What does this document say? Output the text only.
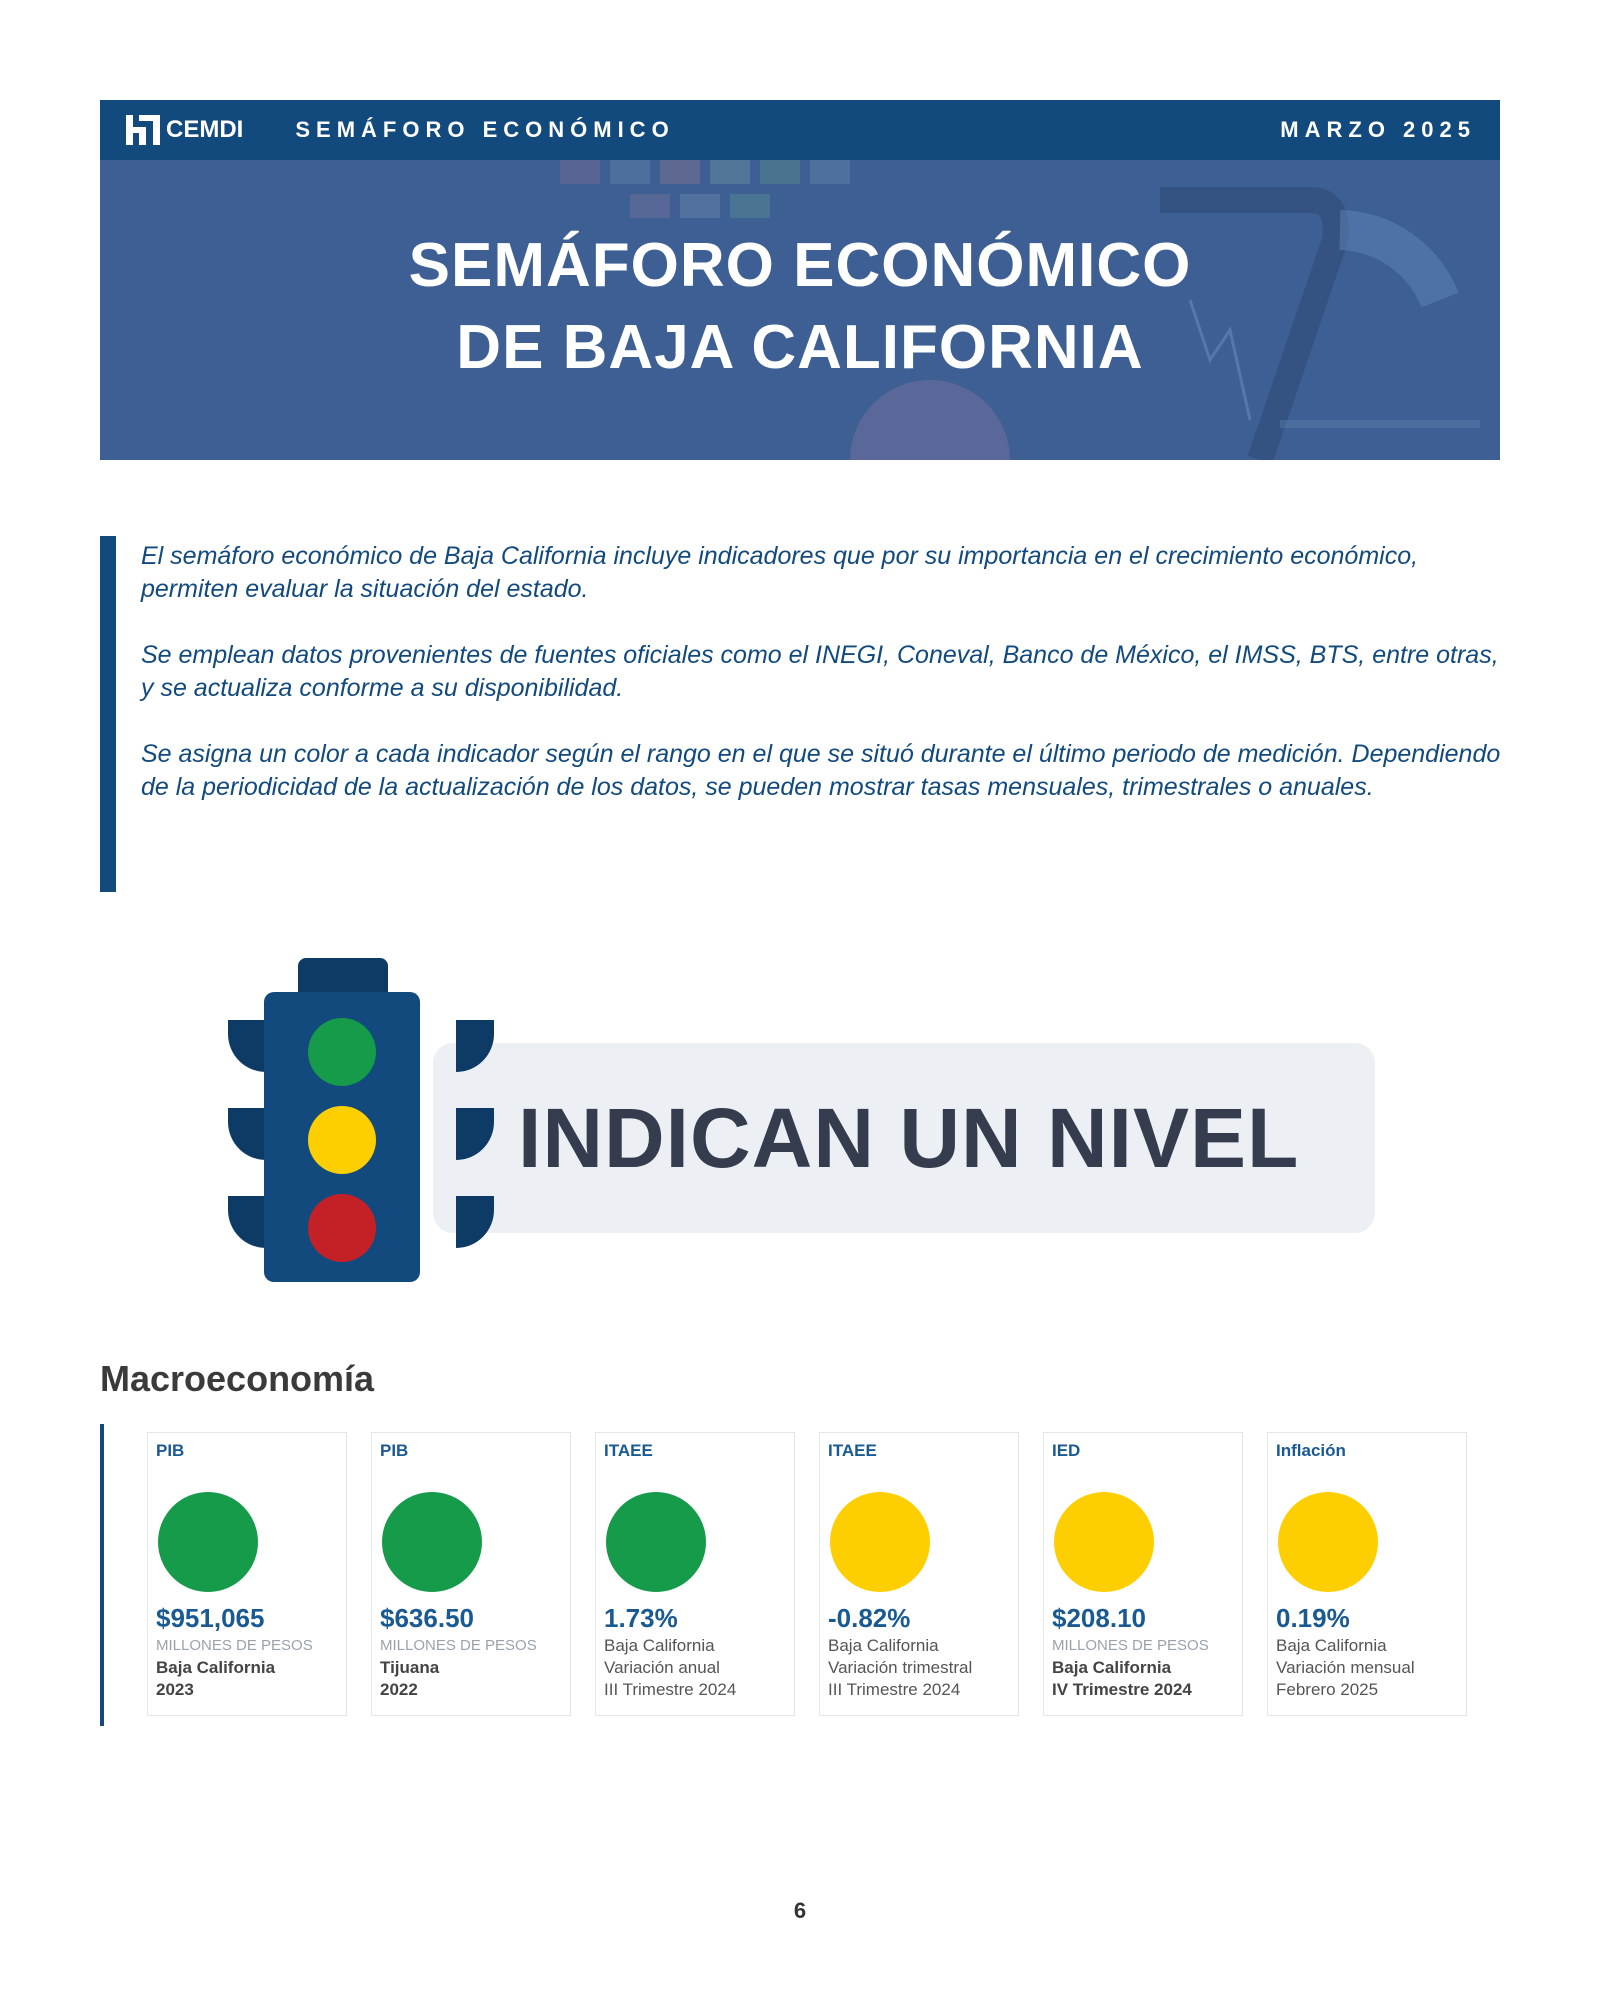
CEMDI SEMÁFORO ECONÓMICO	MARZO 2025
SEMÁFORO ECONÓMICO
DE BAJA CALIFORNIA

El semáforo económico de Baja California incluye indicadores que por su importancia en el crecimiento económico, permiten evaluar la situación del estado.

Se emplean datos provenientes de fuentes oficiales como el INEGI, Coneval, Banco de México, el IMSS, BTS, entre otras, y se actualiza conforme a su disponibilidad.

Se asigna un color a cada indicador según el rango en el que se situó durante el último periodo de medición. Dependiendo de la periodicidad de la actualización de los datos, se pueden mostrar tasas mensuales, trimestrales o anuales.

INDICAN UN NIVEL
Macroeconomía
PIB
$951,065
MILLONES DE PESOS
Baja California
2023
PIB
$636.50
MILLONES DE PESOS
Tijuana
2022
ITAEE
1.73%
Baja California
Variación anual
III Trimestre 2024
ITAEE
-0.82%
Baja California
Variación trimestral
III Trimestre 2024
IED
$208.10
MILLONES DE PESOS
Baja California
IV Trimestre 2024
Inflación
0.19%
Baja California
Variación mensual
Febrero 2025
6
